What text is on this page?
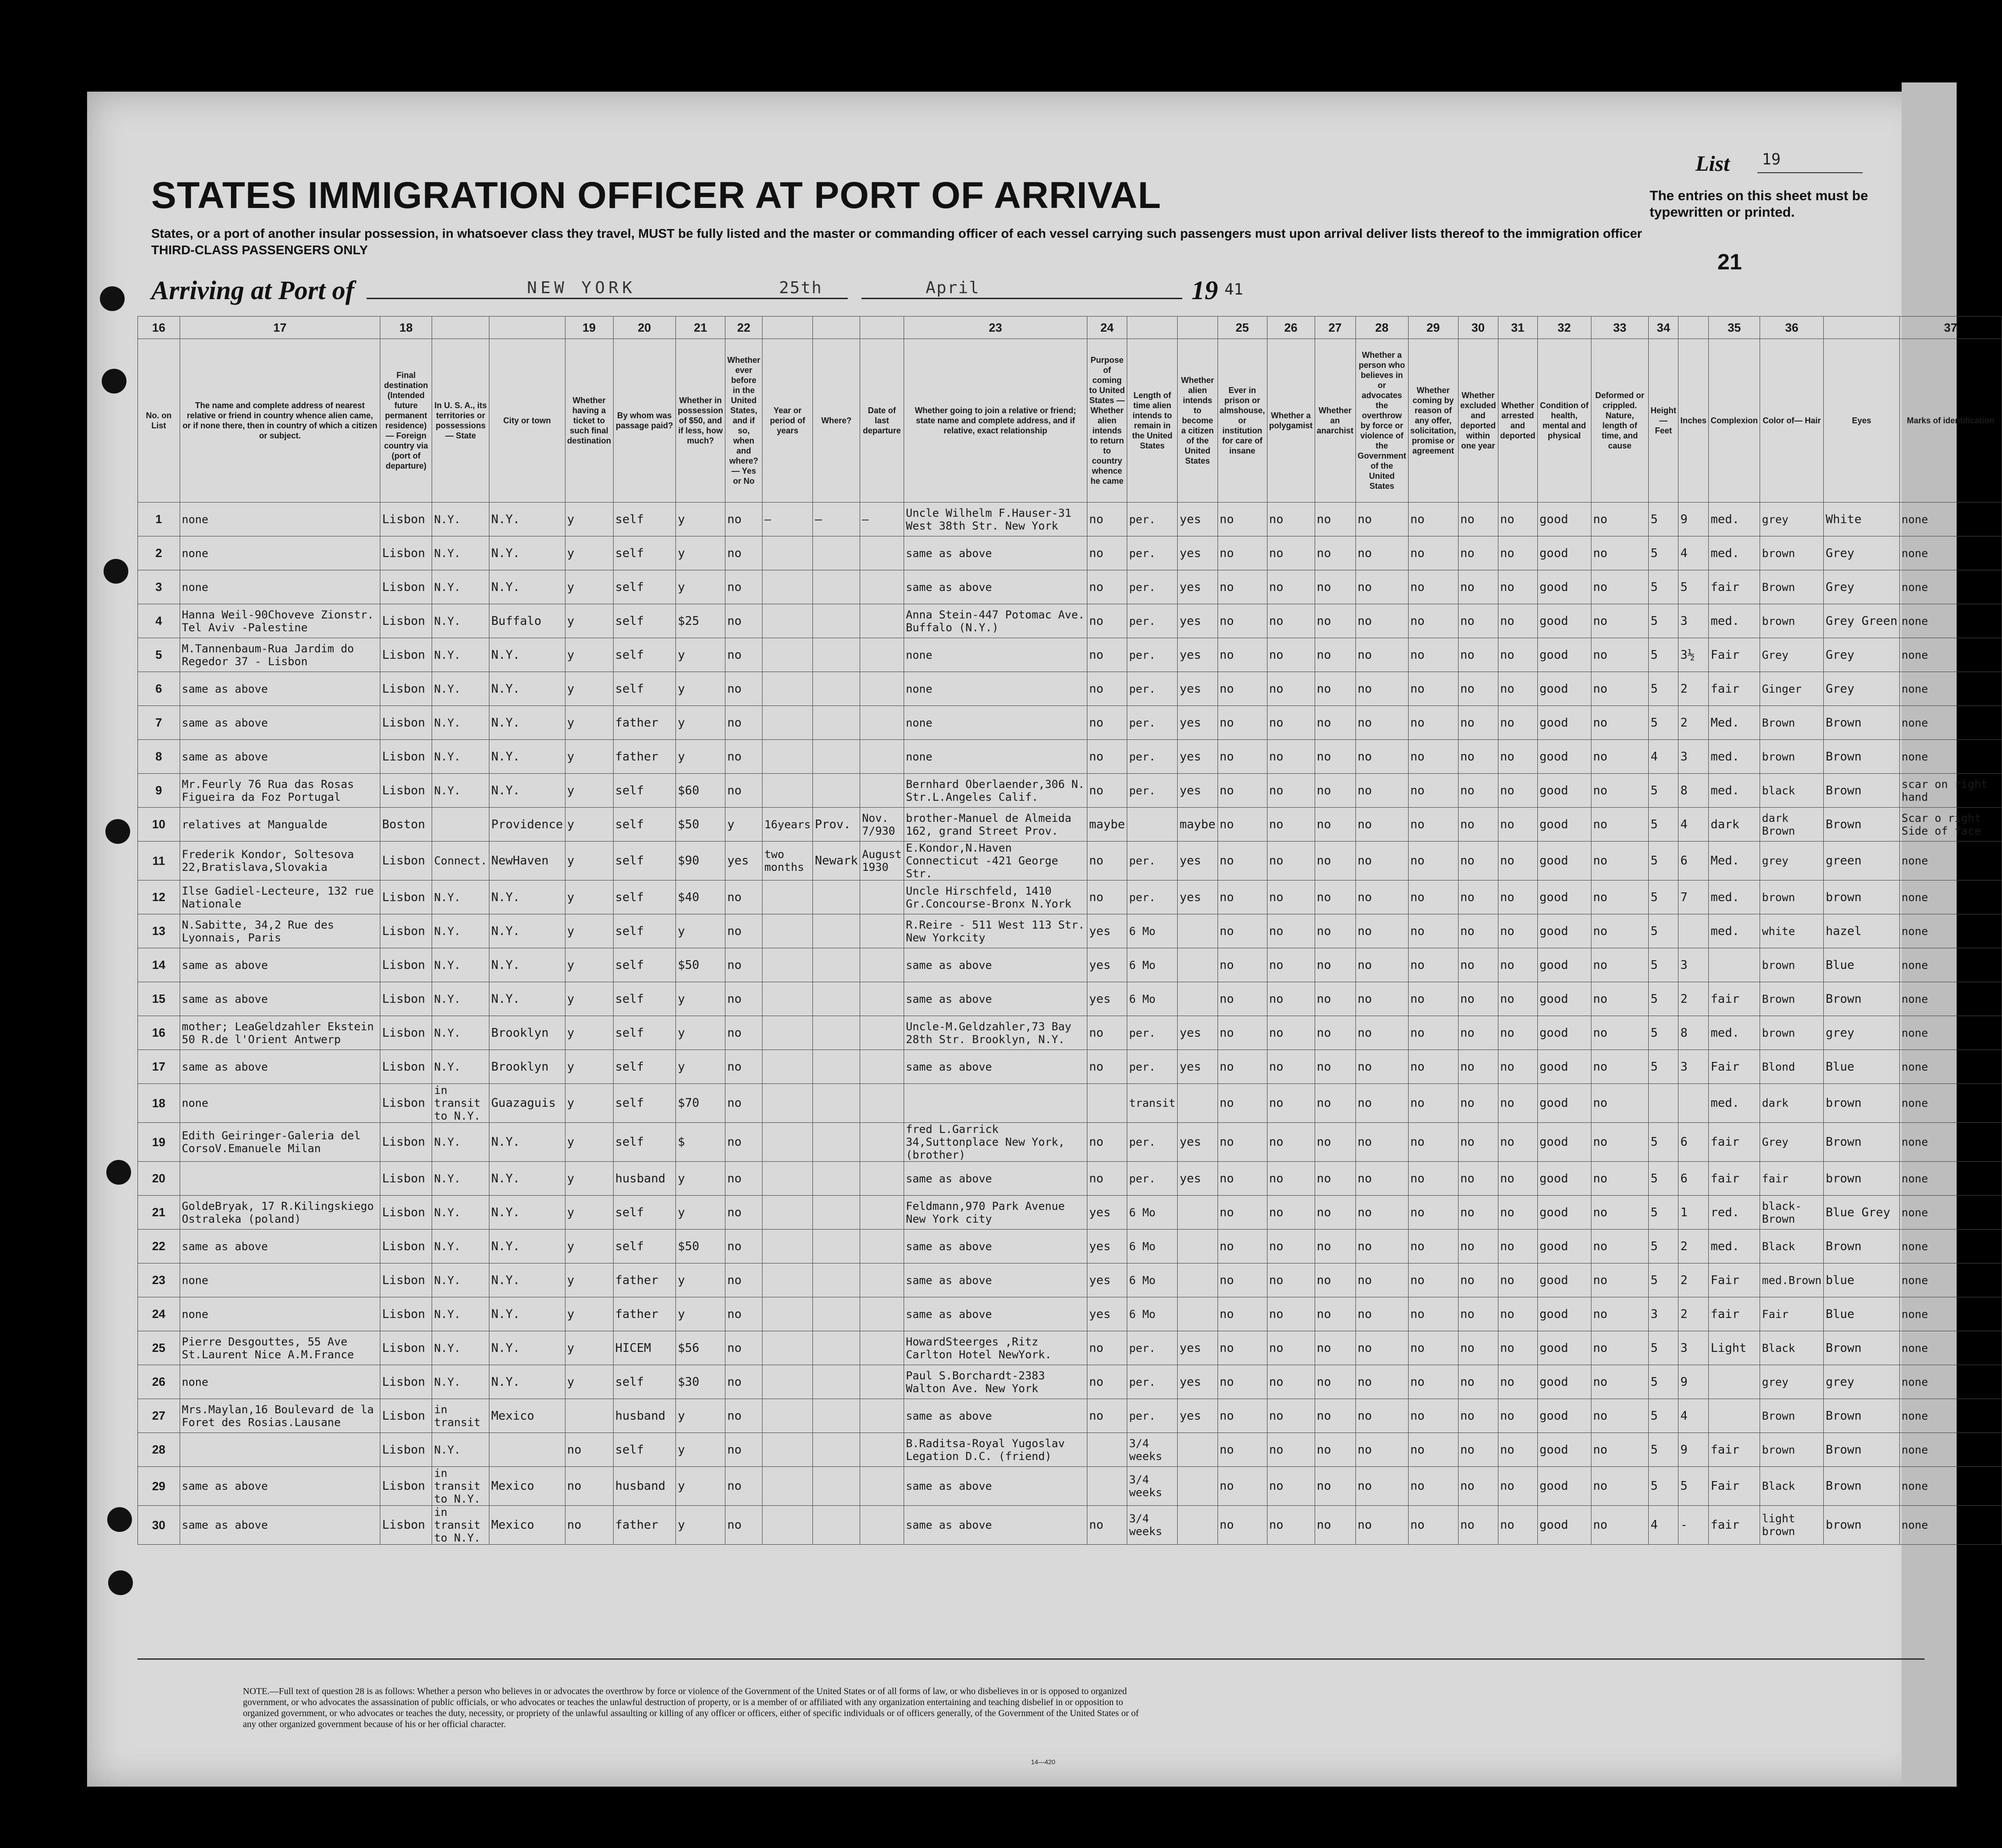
STATES IMMIGRATION OFFICER AT PORT OF ARRIVAL
States, or a port of another insular possession, in whatsoever class they travel, MUST be fully listed and the master or commanding officer of each vessel carrying such passengers must upon arrival deliver lists thereof to the immigration officer
THIRD-CLASS PASSENGERS ONLY
List 19
The entries on this sheet must be typewritten or printed.
21
Arriving at Port of	NEW YORK	25th	April	19 41
16	17	18			19	20	21	22				23	24			25	26	27	28	29	30	31	32	33	34		35	36		37
No. on List	The name and complete address of nearest relative or friend in country whence alien came, or if none there, then in country of which a citizen or subject.	Final destination (Intended future permanent residence) — Foreign country via (port of departure)	In U. S. A., its territories or possessions — State	City or town	Whether having a ticket to such final destination	By whom was passage paid?	Whether in possession of $50, and if less, how much?	Whether ever before in the United States, and if so, when and where? — Yes or No	Year or period of years	Where?	Date of last departure	Whether going to join a relative or friend; state name and complete address, and if relative, exact relationship	Purpose of coming to United States — Whether alien intends to return to country whence he came	Length of time alien intends to remain in the United States	Whether alien intends to become a citizen of the United States	Ever in prison or almshouse, or institution for care of insane	Whether a polygamist	Whether an anarchist	Whether a person who believes in or advocates the overthrow by force or violence of the Government of the United States	Whether coming by reason of any offer, solicitation, promise or agreement	Whether excluded and deported within one year	Whether arrested and deported	Condition of health, mental and physical	Deformed or crippled. Nature, length of time, and cause	Height — Feet	Inches	Complexion	Color of— Hair	Eyes	Marks of identification
1	none	Lisbon	N.Y.	N.Y.	y	self	y	no	—	—	—	Uncle Wilhelm F.Hauser-31 West 38th Str. New York	no	per.	yes	no	no	no	no	no	no	no	good	no	5	9	med.	grey	White	none
2	none	Lisbon	N.Y.	N.Y.	y	self	y	no				same as above	no	per.	yes	no	no	no	no	no	no	no	good	no	5	4	med.	brown	Grey	none
3	none	Lisbon	N.Y.	N.Y.	y	self	y	no				same as above	no	per.	yes	no	no	no	no	no	no	no	good	no	5	5	fair	Brown	Grey	none
4	Hanna Weil-90Choveve Zionstr. Tel Aviv -Palestine	Lisbon	N.Y.	Buffalo	y	self	$25	no				Anna Stein-447 Potomac Ave. Buffalo (N.Y.)	no	per.	yes	no	no	no	no	no	no	no	good	no	5	3	med.	brown	Grey Green	none
5	M.Tannenbaum-Rua Jardim do Regedor 37 - Lisbon	Lisbon	N.Y.	N.Y.	y	self	y	no				none	no	per.	yes	no	no	no	no	no	no	no	good	no	5	3½	Fair	Grey	Grey	none
6	same as above	Lisbon	N.Y.	N.Y.	y	self	y	no				none	no	per.	yes	no	no	no	no	no	no	no	good	no	5	2	fair	Ginger	Grey	none
7	same as above	Lisbon	N.Y.	N.Y.	y	father	y	no				none	no	per.	yes	no	no	no	no	no	no	no	good	no	5	2	Med.	Brown	Brown	none
8	same as above	Lisbon	N.Y.	N.Y.	y	father	y	no				none	no	per.	yes	no	no	no	no	no	no	no	good	no	4	3	med.	brown	Brown	none
9	Mr.Feurly 76 Rua das Rosas Figueira da Foz Portugal	Lisbon	N.Y.	N.Y.	y	self	$60	no				Bernhard Oberlaender,306 N. Str.L.Angeles Calif.	no	per.	yes	no	no	no	no	no	no	no	good	no	5	8	med.	black	Brown	scar on right hand
10	relatives at Mangualde	Boston		Providence	y	self	$50	y	16years	Prov.	Nov. 7/930	brother-Manuel de Almeida 162, grand Street Prov.	maybe		maybe	no	no	no	no	no	no	no	good	no	5	4	dark	dark Brown	Brown	Scar o right Side of face
11	Frederik Kondor, Soltesova 22,Bratislava,Slovakia	Lisbon	Connect.	NewHaven	y	self	$90	yes	two months	Newark	August 1930	E.Kondor,N.Haven Connecticut -421 George Str.	no	per.	yes	no	no	no	no	no	no	no	good	no	5	6	Med.	grey	green	none
12	Ilse Gadiel-Lecteure, 132 rue Nationale	Lisbon	N.Y.	N.Y.	y	self	$40	no				Uncle Hirschfeld, 1410 Gr.Concourse-Bronx N.York	no	per.	yes	no	no	no	no	no	no	no	good	no	5	7	med.	brown	brown	none
13	N.Sabitte, 34,2 Rue des Lyonnais, Paris	Lisbon	N.Y.	N.Y.	y	self	y	no				R.Reire - 511 West 113 Str. New Yorkcity	yes	6 Mo		no	no	no	no	no	no	no	good	no	5		med.	white	hazel	none
14	same as above	Lisbon	N.Y.	N.Y.	y	self	$50	no				same as above	yes	6 Mo		no	no	no	no	no	no	no	good	no	5	3		brown	Blue	none
15	same as above	Lisbon	N.Y.	N.Y.	y	self	y	no				same as above	yes	6 Mo		no	no	no	no	no	no	no	good	no	5	2	fair	Brown	Brown	none
16	mother; LeaGeldzahler Ekstein 50 R.de l'Orient Antwerp	Lisbon	N.Y.	Brooklyn	y	self	y	no				Uncle-M.Geldzahler,73 Bay 28th Str. Brooklyn, N.Y.	no	per.	yes	no	no	no	no	no	no	no	good	no	5	8	med.	brown	grey	none
17	same as above	Lisbon	N.Y.	Brooklyn	y	self	y	no				same as above	no	per.	yes	no	no	no	no	no	no	no	good	no	5	3	Fair	Blond	Blue	none
18	none	Lisbon	in transit to N.Y.	Guazaguis	y	self	$70	no						transit		no	no	no	no	no	no	no	good	no			med.	dark	brown	none
19	Edith Geiringer-Galeria del CorsoV.Emanuele Milan	Lisbon	N.Y.	N.Y.	y	self	$	no				fred L.Garrick 34,Suttonplace New York, (brother)	no	per.	yes	no	no	no	no	no	no	no	good	no	5	6	fair	Grey	Brown	none
20		Lisbon	N.Y.	N.Y.	y	husband	y	no				same as above	no	per.	yes	no	no	no	no	no	no	no	good	no	5	6	fair	fair	brown	none
21	GoldeBryak, 17 R.Kilingskiego Ostraleka (poland)	Lisbon	N.Y.	N.Y.	y	self	y	no				Feldmann,970 Park Avenue New York city	yes	6 Mo		no	no	no	no	no	no	no	good	no	5	1	red.	black-Brown	Blue Grey	none
22	same as above	Lisbon	N.Y.	N.Y.	y	self	$50	no				same as above	yes	6 Mo		no	no	no	no	no	no	no	good	no	5	2	med.	Black	Brown	none
23	none	Lisbon	N.Y.	N.Y.	y	father	y	no				same as above	yes	6 Mo		no	no	no	no	no	no	no	good	no	5	2	Fair	med.Brown	blue	none
24	none	Lisbon	N.Y.	N.Y.	y	father	y	no				same as above	yes	6 Mo		no	no	no	no	no	no	no	good	no	3	2	fair	Fair	Blue	none
25	Pierre Desgouttes, 55 Ave St.Laurent Nice A.M.France	Lisbon	N.Y.	N.Y.	y	HICEM	$56	no				HowardSteerges ,Ritz Carlton Hotel NewYork.	no	per.	yes	no	no	no	no	no	no	no	good	no	5	3	Light	Black	Brown	none
26	none	Lisbon	N.Y.	N.Y.	y	self	$30	no				Paul S.Borchardt-2383 Walton Ave. New York	no	per.	yes	no	no	no	no	no	no	no	good	no	5	9		grey	grey	none
27	Mrs.Maylan,16 Boulevard de la Foret des Rosias.Lausane	Lisbon	in transit	Mexico		husband	y	no				same as above	no	per.	yes	no	no	no	no	no	no	no	good	no	5	4		Brown	Brown	none
28		Lisbon	N.Y.		no	self	y	no				B.Raditsa-Royal Yugoslav Legation D.C. (friend)		3/4 weeks		no	no	no	no	no	no	no	good	no	5	9	fair	brown	Brown	none
29	same as above	Lisbon	in transit to N.Y.	Mexico	no	husband	y	no				same as above		3/4 weeks		no	no	no	no	no	no	no	good	no	5	5	Fair	Black	Brown	none
30	same as above	Lisbon	in transit to N.Y.	Mexico	no	father	y	no				same as above	no	3/4 weeks		no	no	no	no	no	no	no	good	no	4	-	fair	light brown	brown	none
NOTE.—Full text of question 28 is as follows: Whether a person who believes in or advocates the overthrow by force or violence of the Government of the United States or of all forms of law, or who disbelieves in or is opposed to organized government, or who advocates the assassination of public officials, or who advocates or teaches the unlawful destruction of property, or is a member of or affiliated with any organization entertaining and teaching disbelief in or opposition to organized government, or who advocates or teaches the duty, necessity, or propriety of the unlawful assaulting or killing of any officer or officers, either of specific individuals or of officers generally, of the Government of the United States or of any other organized government because of his or her official character.
14—420
